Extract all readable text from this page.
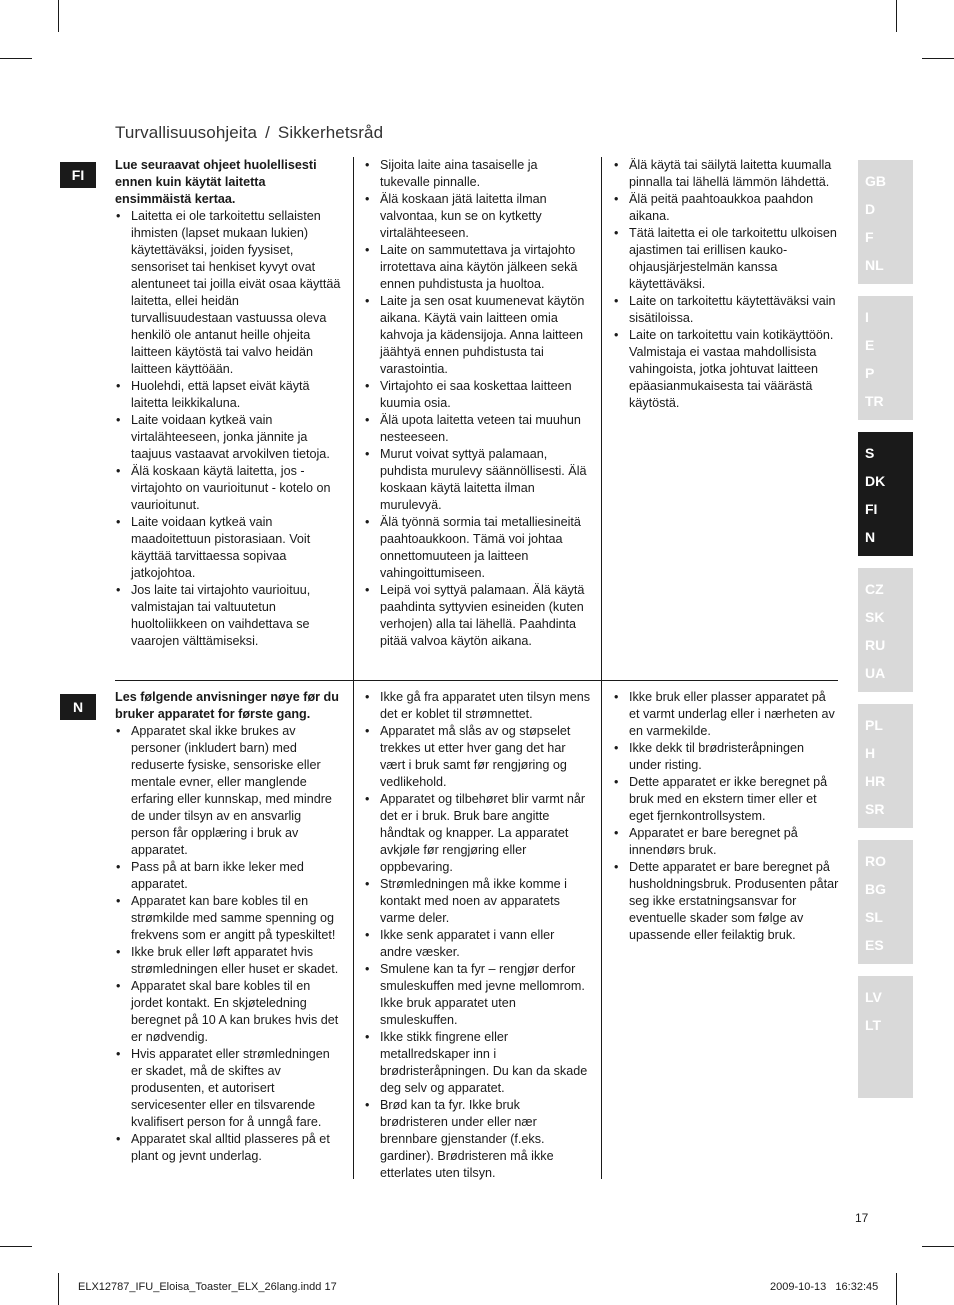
Turvallisuusohjeita / Sikkerhetsråd
FI

Lue seuraavat ohjeet huolellisesti ennen kuin käytät laitetta ensimmäistä kertaa.

• Laitetta ei ole tarkoitettu sellaisten ihmisten (lapset mukaan lukien) käytettäväksi, joiden fyysiset, sensoriset tai henkiset kyvyt ovat alentuneet tai joilla eivät osaa käyttää laitetta, ellei heidän turvallisuudestaan vastuussa oleva henkilö ole antanut heille ohjeita laitteen käytöstä tai valvo heidän laitteen käyttöään.
• Huolehdi, että lapset eivät käytä laitetta leikkikaluna.
• Laite voidaan kytkeä vain virtalähteeseen, jonka jännite ja taajuus vastaavat arvokilven tietoja.
• Älä koskaan käytä laitetta, jos - virtajohto on vaurioitunut - kotelo on vaurioitunut.
• Laite voidaan kytkeä vain maadoitettuun pistorasiaan. Voit käyttää tarvittaessa sopivaa jatkojohtoa.
• Jos laite tai virtajohto vaurioituu, valmistajan tai valtuutetun huoltoliikkeen on vaihdettava se vaarojen välttämiseksi.
• Sijoita laite aina tasaiselle ja tukevalle pinnalle.
• Älä koskaan jätä laitetta ilman valvontaa, kun se on kytketty virtalähteeseen.
• Laite on sammutettava ja virtajohto irrotettava aina käytön jälkeen sekä ennen puhdistusta ja huoltoa.
• Laite ja sen osat kuumenevat käytön aikana. Käytä vain laitteen omia kahvoja ja kädensijoja. Anna laitteen jäähtyä ennen puhdistusta tai varastointia.
• Virtajohto ei saa koskettaa laitteen kuumia osia.
• Älä upota laitetta veteen tai muuhun nesteeseen.
• Murut voivat syttyä palamaan, puhdista murulevy säännöllisesti. Älä koskaan käytä laitetta ilman murulevyä.
• Älä työnnä sormia tai metalliesineitä paahtoaukkoon. Tämä voi johtaa onnettomuuteen ja laitteen vahingoittumiseen.
• Leipä voi syttyä palamaan. Älä käytä paahdinta syttyvien esineiden (kuten verhojen) alla tai lähellä. Paahdinta pitää valvoa käytön aikana.
• Älä käytä tai säilytä laitetta kuumalla pinnalla tai lähellä lämmön lähdettä.
• Älä peitä paahtoaukkoa paahdon aikana.
• Tätä laitetta ei ole tarkoitettu ulkoisen ajastimen tai erillisen kauko-ohjausjärjestelmän kanssa käytettäväksi.
• Laite on tarkoitettu käytettäväksi vain sisätiloissa.
• Laite on tarkoitettu vain kotikäyttöön. Valmistaja ei vastaa mahdollisista vahingoista, jotka johtuvat laitteen epäasianmukaisesta tai väärästä käytöstä.
N

Les følgende anvisninger nøye før du bruker apparatet for første gang.

• Apparatet skal ikke brukes av personer (inkludert barn) med reduserte fysiske, sensoriske eller mentale evner, eller manglende erfaring eller kunnskap, med mindre de under tilsyn av en ansvarlig person får opplæring i bruk av apparatet.
• Pass på at barn ikke leker med apparatet.
• Apparatet kan bare kobles til en strømkilde med samme spenning og frekvens som er angitt på typeskiltet!
• Ikke bruk eller løft apparatet hvis strømledningen eller huset er skadet.
• Apparatet skal bare kobles til en jordet kontakt. En skjøteledning beregnet på 10 A kan brukes hvis det er nødvendig.
• Hvis apparatet eller strømledningen er skadet, må de skiftes av produsenten, et autorisert servicesenter eller en tilsvarende kvalifisert person for å unngå fare.
• Apparatet skal alltid plasseres på et plant og jevnt underlag.
• Ikke gå fra apparatet uten tilsyn mens det er koblet til strømnettet.
• Apparatet må slås av og støpselet trekkes ut etter hver gang det har vært i bruk samt før rengjøring og vedlikehold.
• Apparatet og tilbehøret blir varmt når det er i bruk. Bruk bare angitte håndtak og knapper. La apparatet avkjøle før rengjøring eller oppbevaring.
• Strømledningen må ikke komme i kontakt med noen av apparatets varme deler.
• Ikke senk apparatet i vann eller andre væsker.
• Smulene kan ta fyr – rengjør derfor smuleskuffen med jevne mellomrom. Ikke bruk apparatet uten smuleskuffen.
• Ikke stikk fingrene eller metallredskaper inn i brødristeråpningen. Du kan da skade deg selv og apparatet.
• Brød kan ta fyr. Ikke bruk brødristeren under eller nær brennbare gjenstander (f.eks. gardiner). Brødristeren må ikke etterlates uten tilsyn.
• Ikke bruk eller plasser apparatet på et varmt underlag eller i nærheten av en varmekilde.
• Ikke dekk til brødristeråpningen under risting.
• Dette apparatet er ikke beregnet på bruk med en ekstern timer eller et eget fjernkontrollsystem.
• Apparatet er bare beregnet på innendørs bruk.
• Dette apparatet er bare beregnet på husholdningsbruk. Produsenten påtar seg ikke erstatningsansvar for eventuelle skader som følge av upassende eller feilaktig bruk.
GB
D
F
NL
I
E
P
TR
S
DK
FI
N
CZ
SK
RU
UA
PL
H
HR
SR
RO
BG
SL
ES
LV
LT
17
ELX12787_IFU_Eloisa_Toaster_ELX_26lang.indd 17	2009-10-13   16:32:45
